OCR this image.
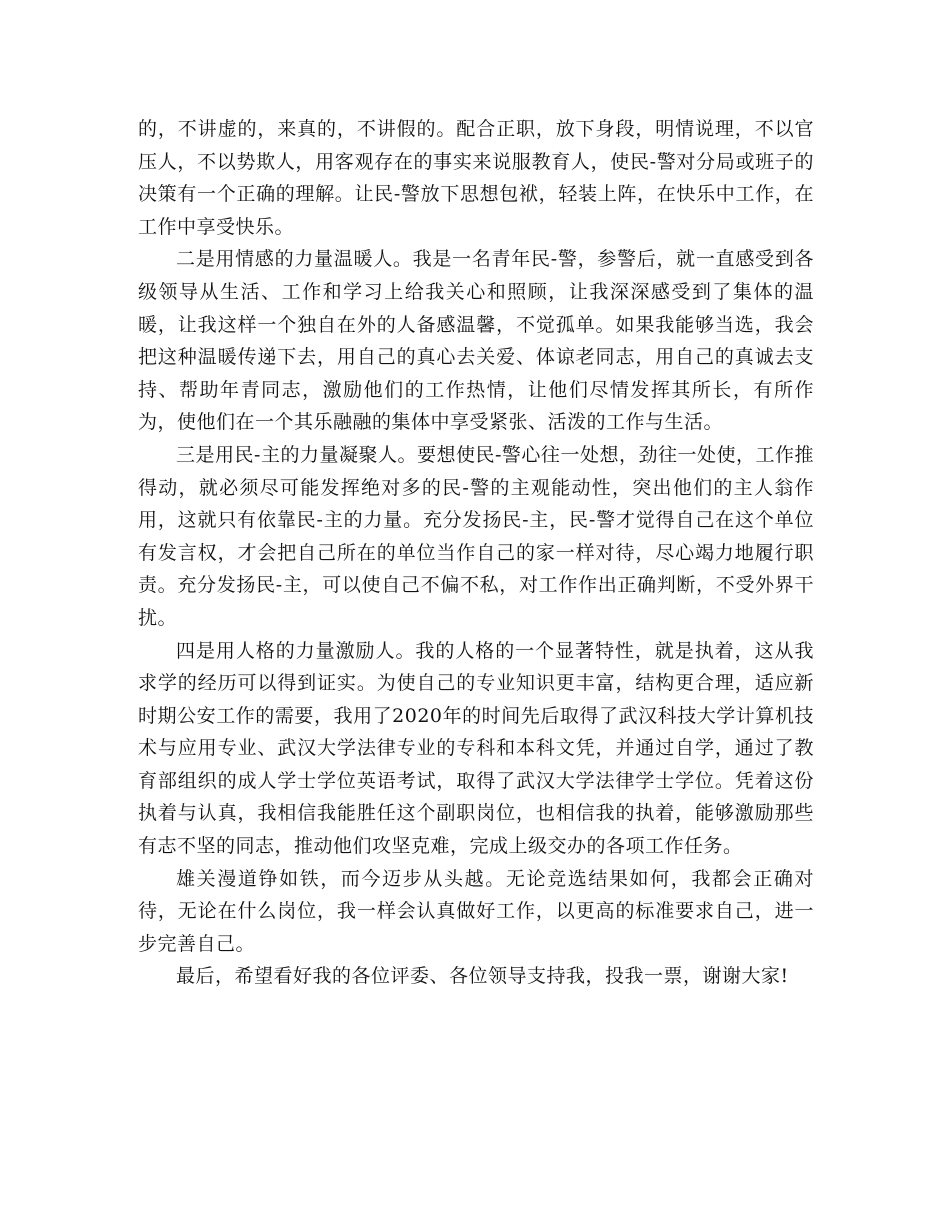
的，不讲虚的，来真的，不讲假的。配合正职，放下身段，明情说理，不以官压人，不以势欺人，用客观存在的事实来说服教育人，使民-警对分局或班子的决策有一个正确的理解。让民-警放下思想包袱，轻装上阵，在快乐中工作，在工作中享受快乐。

二是用情感的力量温暖人。我是一名青年民-警，参警后，就一直感受到各级领导从生活、工作和学习上给我关心和照顾，让我深深感受到了集体的温暖，让我这样一个独自在外的人备感温馨，不觉孤单。如果我能够当选，我会把这种温暖传递下去，用自己的真心去关爱、体谅老同志，用自己的真诚去支持、帮助年青同志，激励他们的工作热情，让他们尽情发挥其所长，有所作为，使他们在一个其乐融融的集体中享受紧张、活泼的工作与生活。

三是用民-主的力量凝聚人。要想使民-警心往一处想，劲往一处使，工作推得动，就必须尽可能发挥绝对多的民-警的主观能动性，突出他们的主人翁作用，这就只有依靠民-主的力量。充分发扬民-主，民-警才觉得自己在这个单位有发言权，才会把自己所在的单位当作自己的家一样对待，尽心竭力地履行职责。充分发扬民-主，可以使自己不偏不私，对工作作出正确判断，不受外界干扰。

四是用人格的力量激励人。我的人格的一个显著特性，就是执着，这从我求学的经历可以得到证实。为使自己的专业知识更丰富，结构更合理，适应新时期公安工作的需要，我用了2020年的时间先后取得了武汉科技大学计算机技术与应用专业、武汉大学法律专业的专科和本科文凭，并通过自学，通过了教育部组织的成人学士学位英语考试，取得了武汉大学法律学士学位。凭着这份执着与认真，我相信我能胜任这个副职岗位，也相信我的执着，能够激励那些有志不坚的同志，推动他们攻坚克难，完成上级交办的各项工作任务。

雄关漫道铮如铁，而今迈步从头越。无论竞选结果如何，我都会正确对待，无论在什么岗位，我一样会认真做好工作，以更高的标准要求自己，进一步完善自己。

最后，希望看好我的各位评委、各位领导支持我，投我一票，谢谢大家!
